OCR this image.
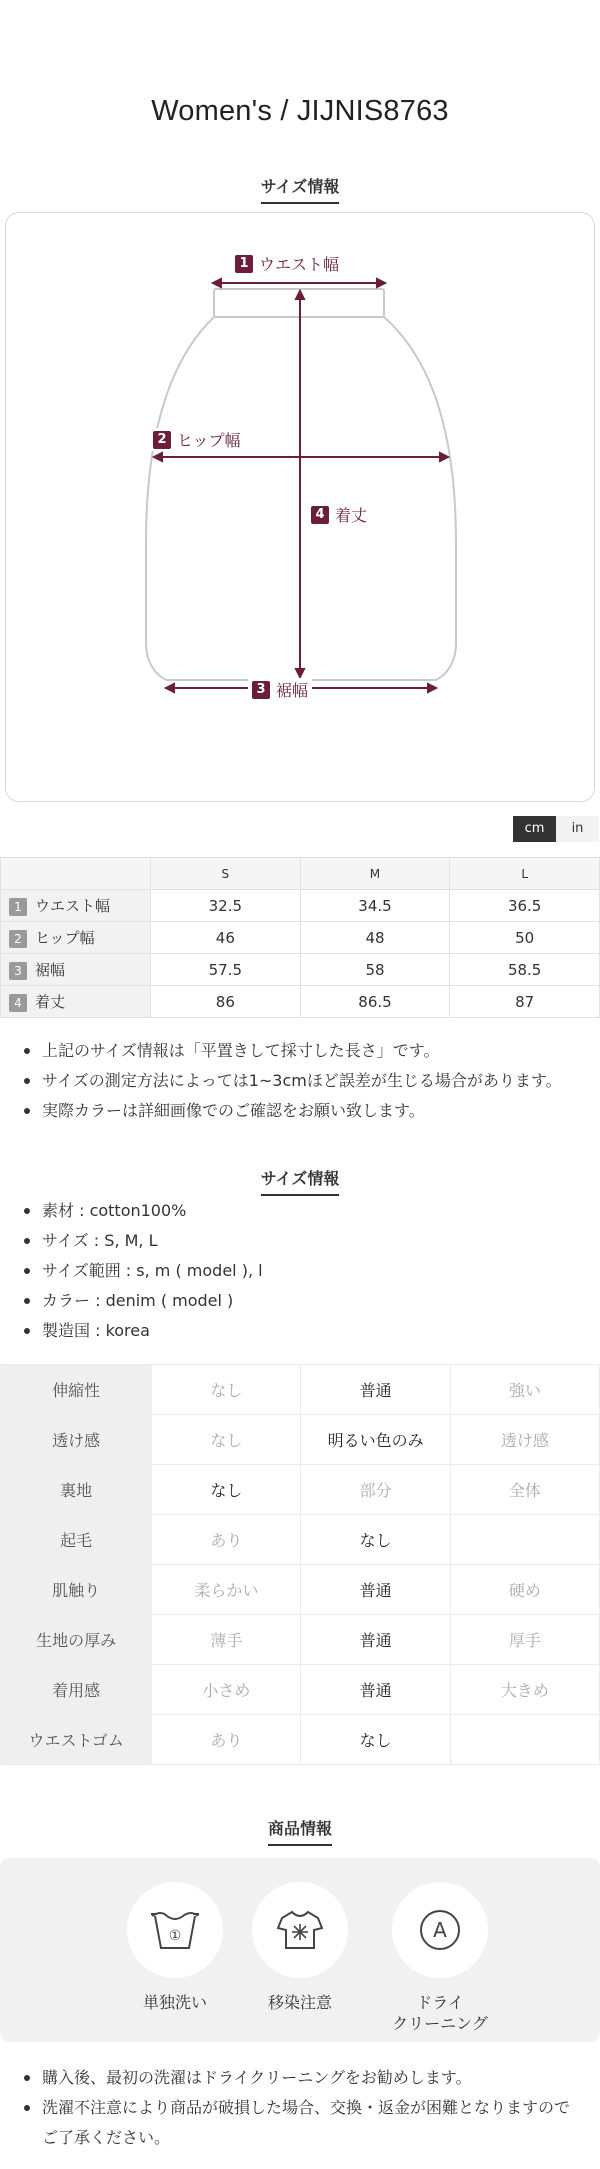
Women's / JIJNIS8763
サイズ情報
1 ウエスト幅
2 ヒップ幅
3 裾幅
4 着丈
cm	in
	S	M	L
1 ウエスト幅	32.5	34.5	36.5
2 ヒップ幅	46	48	50
3 裾幅	57.5	58	58.5
4 着丈	86	86.5	87
上記のサイズ情報は「平置きして採寸した長さ」です。
サイズの測定方法によっては1~3cmほど誤差が生じる場合があります。
実際カラーは詳細画像でのご確認をお願い致します。
サイズ情報
素材 : cotton100%
サイズ : S, M, L
サイズ範囲 : s, m ( model ), l
カラー : denim ( model )
製造国 : korea
伸縮性	なし	普通	強い
透け感	なし	明るい色のみ	透け感
裏地	なし	部分	全体
起毛	あり	なし	
肌触り	柔らかい	普通	硬め
生地の厚み	薄手	普通	厚手
着用感	小さめ	普通	大きめ
ウエストゴム	あり	なし	
商品情報
①
単独洗い	移染注意
A
ドライ
クリーニング
購入後、最初の洗濯はドライクリーニングをお勧めします。
洗濯不注意により商品が破損した場合、交換・返金が困難となりますので
ご了承ください。
